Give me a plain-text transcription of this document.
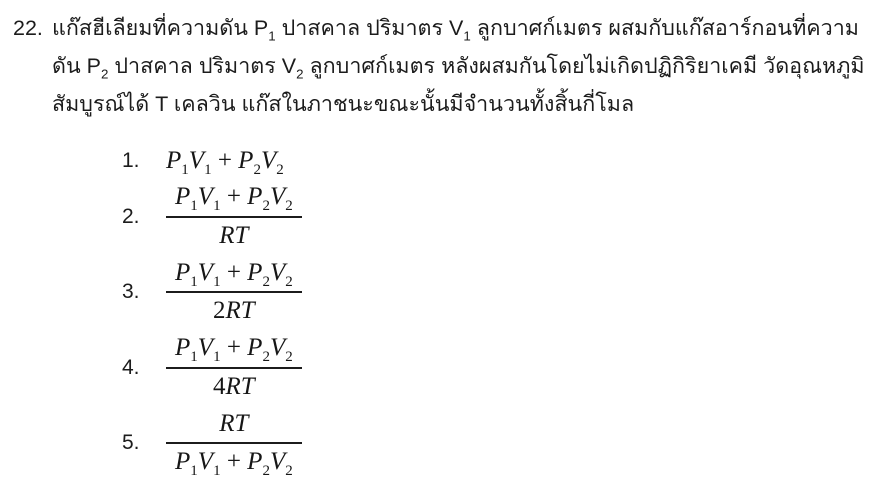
22. แก๊สฮีเลียมที่ความดัน $P_1$ ปาสคาล ปริมาตร $V_1$ ลูกบาศก์เมตร ผสมกับแก๊สอาร์กอนที่ความดัน $P_2$ ปาสคาล ปริมาตร $V_2$ ลูกบาศก์เมตร หลังผสมกันโดยไม่เกิดปฏิกิริยาเคมี วัดอุณหภูมิสัมบูรณ์ได้ T เคลวิน แก๊สในภาชนะขณะนั้นมีจำนวนทั้งสิ้นกี่โมล
1.	$P_1V_1 + P_2V_2$
2.	$\frac{P_1V_1 + P_2V_2}{RT}$
3.	$\frac{P_1V_1 + P_2V_2}{2RT}$
4.	$\frac{P_1V_1 + P_2V_2}{4RT}$
5.	$\frac{RT}{P_1V_1 + P_2V_2}$
